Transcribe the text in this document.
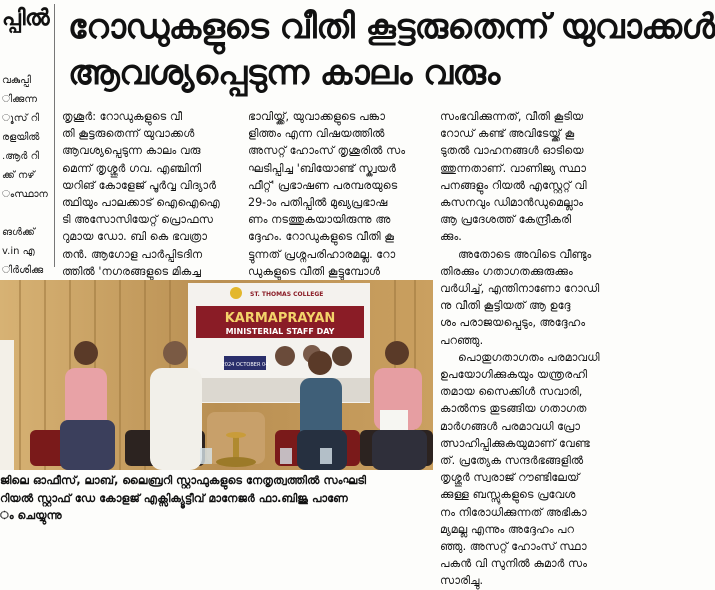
പ്പിൽ
വകുപ്പി
ിക്കുന്ന
ൂസ് റി
രളയിൽ
.ആർ റി
ക്ക് നഴ്
ംസ്ഥാന
ങൾക്ക്
v.in എ
ിർശിക്കു
റോഡുകളുടെ വീതി കൂട്ടരുതെന്ന് യുവാക്കൾ
ആവശ്യപ്പെടുന്ന കാലം വരും
തൃശൂർ: റോഡുകളുടെ വീ
തി കൂട്ടരുതെന്ന് യുവാക്കൾ
ആവശ്യപ്പെടുന്ന കാലം വരു
മെന്ന് തൃശ്ശൂർ ഗവ. എഞ്ചിനി
യറിങ് കോളേജ് പൂർവ്വ വിദ്യാർ
ത്ഥിയും പാലക്കാട് ഐഐഐ
ടി അസോസിയേറ്റ് പ്രൊഫസ
റുമായ ഡോ. ബി കെ ഭവത്രാ
തൻ. ആഗോള പാർപ്പിടദിന
ത്തിൽ 'നഗരങ്ങളുടെ മികച്ച
ഭാവിയ്ക്ക്, യുവാക്കളുടെ പങ്കാ
ളിത്തം എന്ന വിഷയത്തിൽ
അസറ്റ് ഹോംസ് തൃശൂരിൽ സം
ഘടിപ്പിച്ച 'ബിയോണ്ട് സ്ക്വയർ
ഫീറ്റ്' പ്രഭാഷണ പരമ്പരയുടെ
29-ാം പതിപ്പിൽ മുഖ്യപ്രഭാഷ
ണം നടത്തുകയായിരുന്നു അ
ദ്ദേഹം. റോഡുകളുടെ വീതി കൂ
ട്ടുന്നത് പ്രശ്നപരിഹാരമല്ല. റോ
ഡുകളുടെ വീതി കൂട്ടുമ്പോൾ
സംഭവിക്കുന്നത്, വീതി കൂടിയ
റോഡ് കണ്ട് അവിടേയ്ക്ക് കൂ
ടുതൽ വാഹനങ്ങൾ ഓടിയെ
ത്തുന്നതാണ്. വാണിജ്യ സ്ഥാ
പനങ്ങളും റിയൽ എസ്റ്റേറ്റ് വി
കസനവും ഡിമാൻഡുമെല്ലാം
ആ പ്രദേശത്ത് കേന്ദ്രീകരി
ക്കും.
അതോടെ അവിടെ വീണ്ടും
തിരക്കും ഗതാഗതക്കുരുക്കും
വർധിച്ച്, എന്തിനാണോ റോഡി
നു വീതി കൂട്ടിയത് ആ ഉദ്ദേ
ശം പരാജയപ്പെടും, അദ്ദേഹം
പറഞ്ഞു.
പൊതുഗതാഗതം പരമാവധി
ഉപയോഗിക്കുകയും യന്ത്രരഹി
തമായ സൈക്കിൾ സവാരി,
കാൽനട തുടങ്ങിയ ഗതാഗത
മാർഗങ്ങൾ പരമാവധി പ്രോ
ത്സാഹിപ്പിക്കുകയുമാണ് വേണ്ട
ത്. പ്രത്യേക സന്ദർഭങ്ങളിൽ
തൃശ്ശൂർ സ്വരാജ് റൗണ്ടിലേയ്
ക്കുള്ള ബസ്സുകളുടെ പ്രവേശ
നം നിരോധിക്കുന്നത് അഭികാ
മ്യമല്ല എന്നും അദ്ദേഹം പറ
ഞ്ഞു. അസറ്റ് ഹോംസ് സ്ഥാ
പകൻ വി സുനിൽ കുമാർ സം
സാരിച്ചു.
ST. THOMAS COLLEGE
KARMAPRAYAN
MINISTERIAL STAFF DAY
2024 OCTOBER 04
ജിലെ ഓഫീസ്, ലാബ്, ലൈബ്രറി സ്റ്റാഫുകളുടെ നേതൃത്വത്തിൽ സംഘടി
റിയൽ സ്റ്റാഫ് ഡേ കോളജ് എക്സിക്യൂട്ടീവ് മാനേജർ ഫാ.ബിജു പാണേ
ം ചെയ്യുന്നു
